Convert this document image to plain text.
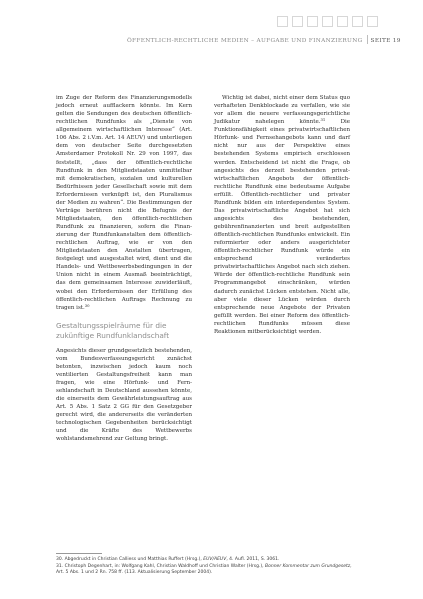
ÖFFENTLICH-RECHTLICHE MEDIEN – AUFGABE UND FINANZIERUNG SEITE 19

im Zuge der Reform des Finanzierungsmodells jedoch erneut aufflackern könnte. Im Kern gelten die Sendungen des deutschen öffentlich-rechtlichen Rundfunks als „Dienste von allgemeinem wirtschaftlichen Interesse“ (Art. 106 Abs. 2 i.V.m. Art. 14 AEUV) und unterliegen dem von deutscher Seite durchgesetzten Amsterdamer Protokoll Nr. 29 von 1997, das feststellt, „dass der öffentlich-rechtliche Rundfunk in den Mitgliedstaaten unmittelbar mit demokratischen, sozialen und kulturellen Bedürfnissen jeder Gesellschaft sowie mit dem Erfordernissen verknüpft ist, den Pluralismus der Medien zu wahren“. Die Bestimmungen der Verträge berühren nicht die Befugnis der Mitgliedstaaten, den öffentlich-rechtlichen Rundfunk zu finanzieren, sofern die Finanzierung der Rundfunkanstalten dem öffentlich-rechtlichen Auftrag, wie er von den Mitgliedstaaten den Anstalten übertragen, festgelegt und ausgestaltet wird, dient und die Handels- und Wettbewerbsbedingungen in der Union nicht in einem Ausmaß beeinträchtigt, das dem gemeinsamen Interesse zuwiderläuft, wobei den Erfordernissen der Erfüllung des öffentlich-rechtlichen Auftrags Rechnung zu tragen ist.$^{30}$

Gestaltungsspielräume für die zukünftige Rundfunklandschaft

Angesichts dieser grundgesetzlich bestehenden, vom Bundesverfassungsgericht zunächst betonten, inzwischen jedoch kaum noch ventilierten Gestaltungsfreiheit kann man fragen, wie eine Hörfunk- und Fernsehlandschaft in Deutschland aussehen könnte, die einerseits dem Gewährleistungsauftrag aus Art. 5 Abs. 1 Satz 2 GG für den Gesetzgeber gerecht wird, die andererseits die veränderten technologischen Gegebenheiten berücksichtigt und die Kräfte des Wettbewerbs wohlstandsmehrend zur Geltung bringt.

Wichtig ist dabei, nicht einer dem Status quo verhafteten Denkblockade zu verfallen, wie sie vor allem die neuere verfassungsgerichtliche Judikatur nahelegen könnte.$^{31}$ Die Funktionsfähigkeit eines privatwirtschaftlichen Hörfunk- und Fernsehangebots kann und darf nicht nur aus der Perspektive eines bestehenden Systems empirisch erschlossen werden. Entscheidend ist nicht die Frage, ob angesichts des derzeit bestehenden privatwirtschaftlichen Angebots der öffentlich-rechtliche Rundfunk eine bedeutsame Aufgabe erfüllt. Öffentlich-rechtlicher und privater Rundfunk bilden ein interdependentes System. Das privatwirtschaftliche Angebot hat sich angesichts des bestehenden, gebührenfinanzierten und breit aufgestellten öffentlich-rechtlichen Rundfunks entwickelt. Ein reformierter oder anders ausgerichteter öffentlich-rechtlicher Rundfunk würde ein entsprechend verändertes privatwirtschaftliches Angebot nach sich ziehen. Würde der öffentlich-rechtliche Rundfunk sein Programmangebot einschränken, würden dadurch zunächst Lücken entstehen. Nicht alle, aber viele dieser Lücken würden durch entsprechende neue Angebote der Privaten gefüllt werden. Bei einer Reform des öffentlich-rechtlichen Rundfunks müssen diese Reaktionen mitberücksichtigt werden.

30. Abgedruckt in Christian Calliess und Matthias Ruffert (Hrsg.), EUV/AEUV, 4. Aufl. 2011, S. 3061.

31. Christoph Degenhart, in: Wolfgang Kahl, Christian Waldhoff und Christian Walter (Hrsg.), Bonner Kommentar zum Grundgesetz, Art. 5 Abs. 1 und 2 Rn. 758 ff. (113. Aktualisierung September 2004).
